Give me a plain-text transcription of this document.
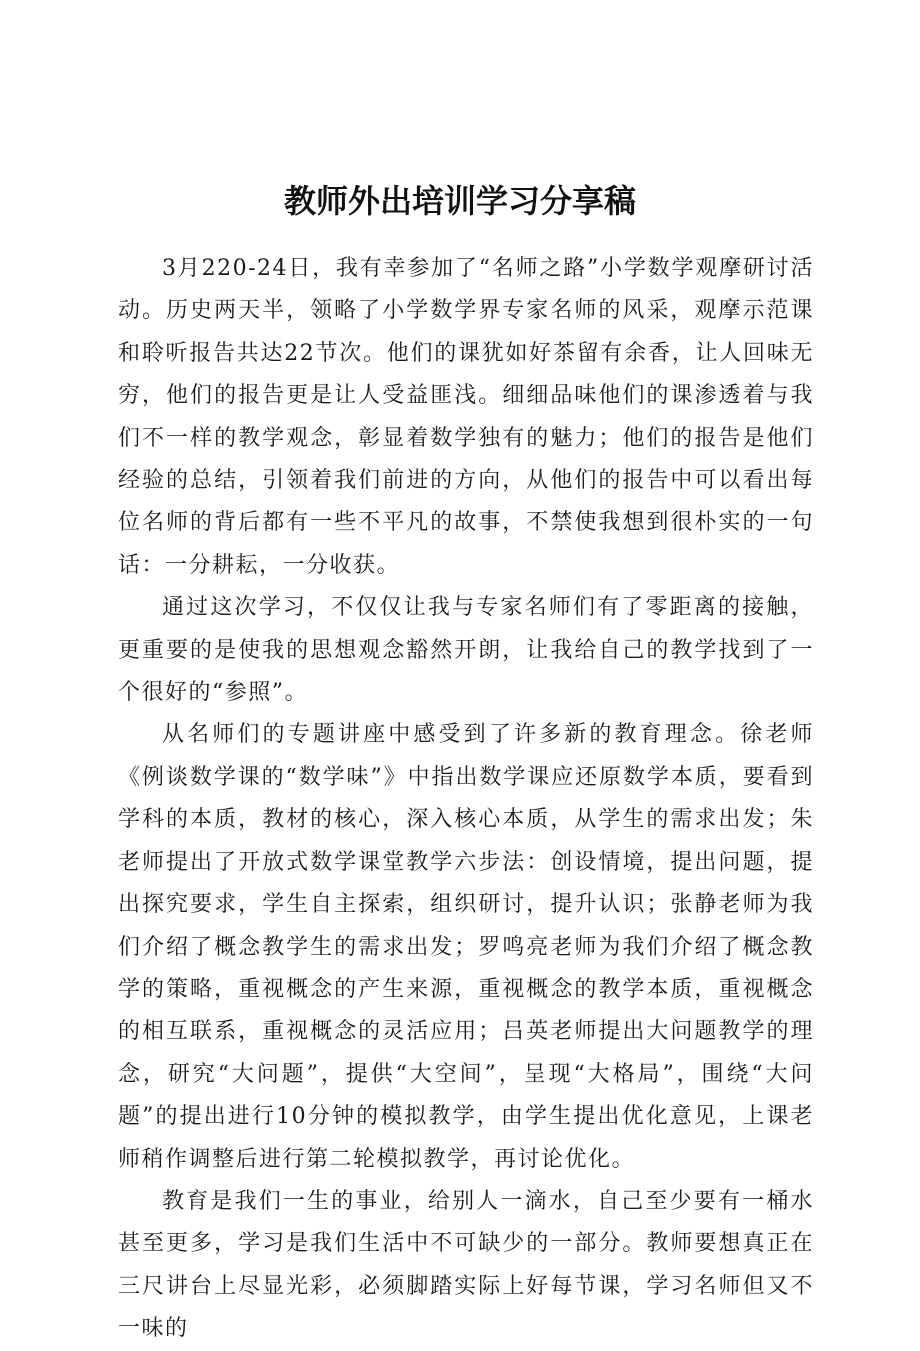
教师外出培训学习分享稿

3月220-24日，我有幸参加了“名师之路”小学数学观摩研讨活动。历史两天半，领略了小学数学界专家名师的风采，观摩示范课和聆听报告共达22节次。他们的课犹如好茶留有余香，让人回味无穷，他们的报告更是让人受益匪浅。细细品味他们的课渗透着与我们不一样的教学观念，彰显着数学独有的魅力；他们的报告是他们经验的总结，引领着我们前进的方向，从他们的报告中可以看出每位名师的背后都有一些不平凡的故事，不禁使我想到很朴实的一句话：一分耕耘，一分收获。

通过这次学习，不仅仅让我与专家名师们有了零距离的接触，更重要的是使我的思想观念豁然开朗，让我给自己的教学找到了一个很好的“参照”。

从名师们的专题讲座中感受到了许多新的教育理念。徐老师《例谈数学课的“数学味”》中指出数学课应还原数学本质，要看到学科的本质，教材的核心，深入核心本质，从学生的需求出发；朱老师提出了开放式数学课堂教学六步法：创设情境，提出问题，提出探究要求，学生自主探索，组织研讨，提升认识；张静老师为我们介绍了概念教学生的需求出发；罗鸣亮老师为我们介绍了概念教学的策略，重视概念的产生来源，重视概念的教学本质，重视概念的相互联系，重视概念的灵活应用；吕英老师提出大问题教学的理念，研究“大问题”，提供“大空间”，呈现“大格局”，围绕“大问题”的提出进行10分钟的模拟教学，由学生提出优化意见，上课老师稍作调整后进行第二轮模拟教学，再讨论优化。

教育是我们一生的事业，给别人一滴水，自己至少要有一桶水甚至更多，学习是我们生活中不可缺少的一部分。教师要想真正在三尺讲台上尽显光彩，必须脚踏实际上好每节课，学习名师但又不一味的
